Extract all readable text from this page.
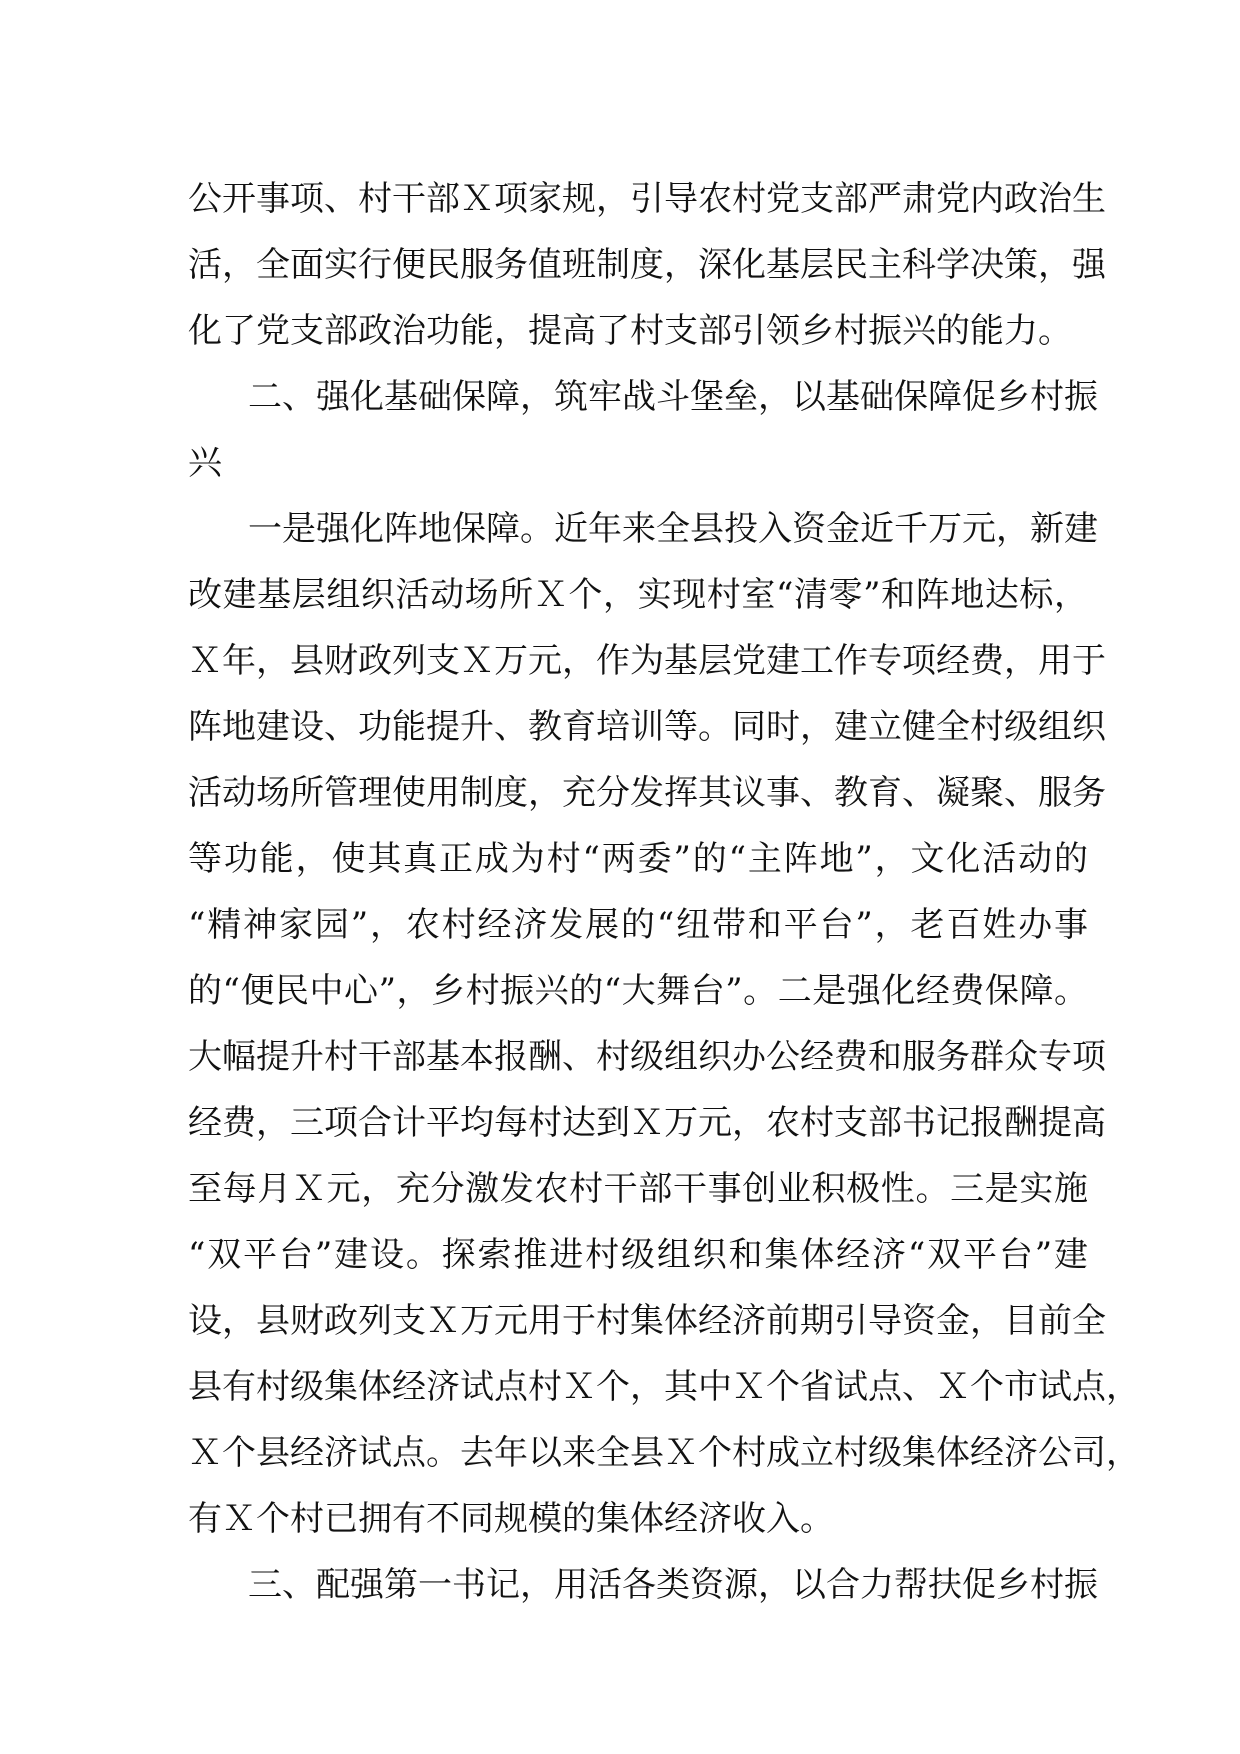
公开事项、村干部Ｘ项家规，引导农村党支部严肃党内政治生
活，全面实行便民服务值班制度，深化基层民主科学决策，强
化了党支部政治功能，提高了村支部引领乡村振兴的能力。
二、强化基础保障，筑牢战斗堡垒，以基础保障促乡村振
兴
一是强化阵地保障。近年来全县投入资金近千万元，新建
改建基层组织活动场所Ｘ个，实现村室“清零”和阵地达标，
Ｘ年，县财政列支Ｘ万元，作为基层党建工作专项经费，用于
阵地建设、功能提升、教育培训等。同时，建立健全村级组织
活动场所管理使用制度，充分发挥其议事、教育、凝聚、服务
等功能，使其真正成为村“两委”的“主阵地”，文化活动的
“精神家园”，农村经济发展的“纽带和平台”，老百姓办事
的“便民中心”，乡村振兴的“大舞台”。二是强化经费保障。
大幅提升村干部基本报酬、村级组织办公经费和服务群众专项
经费，三项合计平均每村达到Ｘ万元，农村支部书记报酬提高
至每月Ｘ元，充分激发农村干部干事创业积极性。三是实施
“双平台”建设。探索推进村级组织和集体经济“双平台”建
设，县财政列支Ｘ万元用于村集体经济前期引导资金，目前全
县有村级集体经济试点村Ｘ个，其中Ｘ个省试点、Ｘ个市试点，
Ｘ个县经济试点。去年以来全县Ｘ个村成立村级集体经济公司，
有Ｘ个村已拥有不同规模的集体经济收入。
三、配强第一书记，用活各类资源，以合力帮扶促乡村振
